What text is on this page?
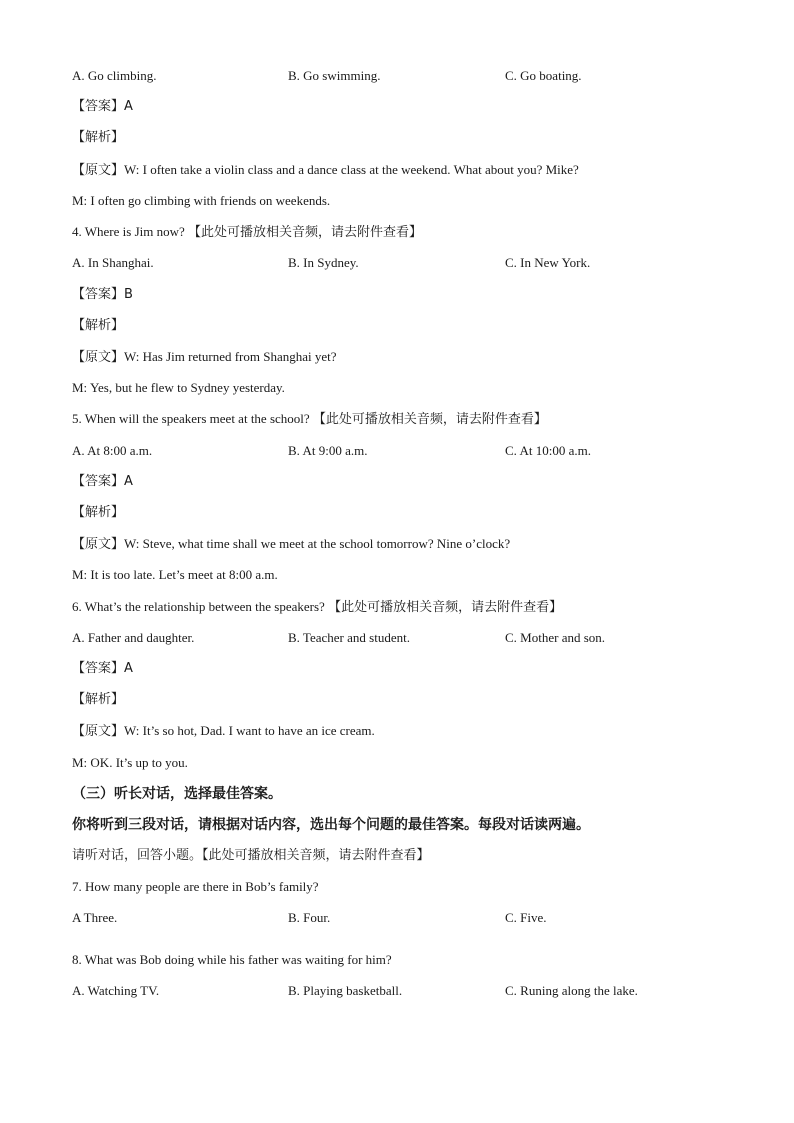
A. Go climbing.	B. Go swimming.	C. Go boating.
【答案】A
【解析】
【原文】W: I often take a violin class and a dance class at the weekend. What about you? Mike?
M: I often go climbing with friends on weekends.
4. Where is Jim now? 【此处可播放相关音频，请去附件查看】
A. In Shanghai.	B. In Sydney.	C. In New York.
【答案】B
【解析】
【原文】W: Has Jim returned from Shanghai yet?
M: Yes, but he flew to Sydney yesterday.
5. When will the speakers meet at the school? 【此处可播放相关音频，请去附件查看】
A. At 8:00 a.m.	B. At 9:00 a.m.	C. At 10:00 a.m.
【答案】A
【解析】
【原文】W: Steve, what time shall we meet at the school tomorrow? Nine o’clock?
M: It is too late. Let’s meet at 8:00 a.m.
6. What’s the relationship between the speakers? 【此处可播放相关音频，请去附件查看】
A. Father and daughter.	B. Teacher and student.	C. Mother and son.
【答案】A
【解析】
【原文】W: It’s so hot, Dad. I want to have an ice cream.
M: OK. It’s up to you.
（三）听长对话，选择最佳答案。
你将听到三段对话，请根据对话内容，选出每个问题的最佳答案。每段对话读两遍。
请听对话，回答小题。【此处可播放相关音频，请去附件查看】
7. How many people are there in Bob’s family?
A Three.	B. Four.	C. Five.
8. What was Bob doing while his father was waiting for him?
A. Watching TV.	B. Playing basketball.	C. Runing along the lake.
